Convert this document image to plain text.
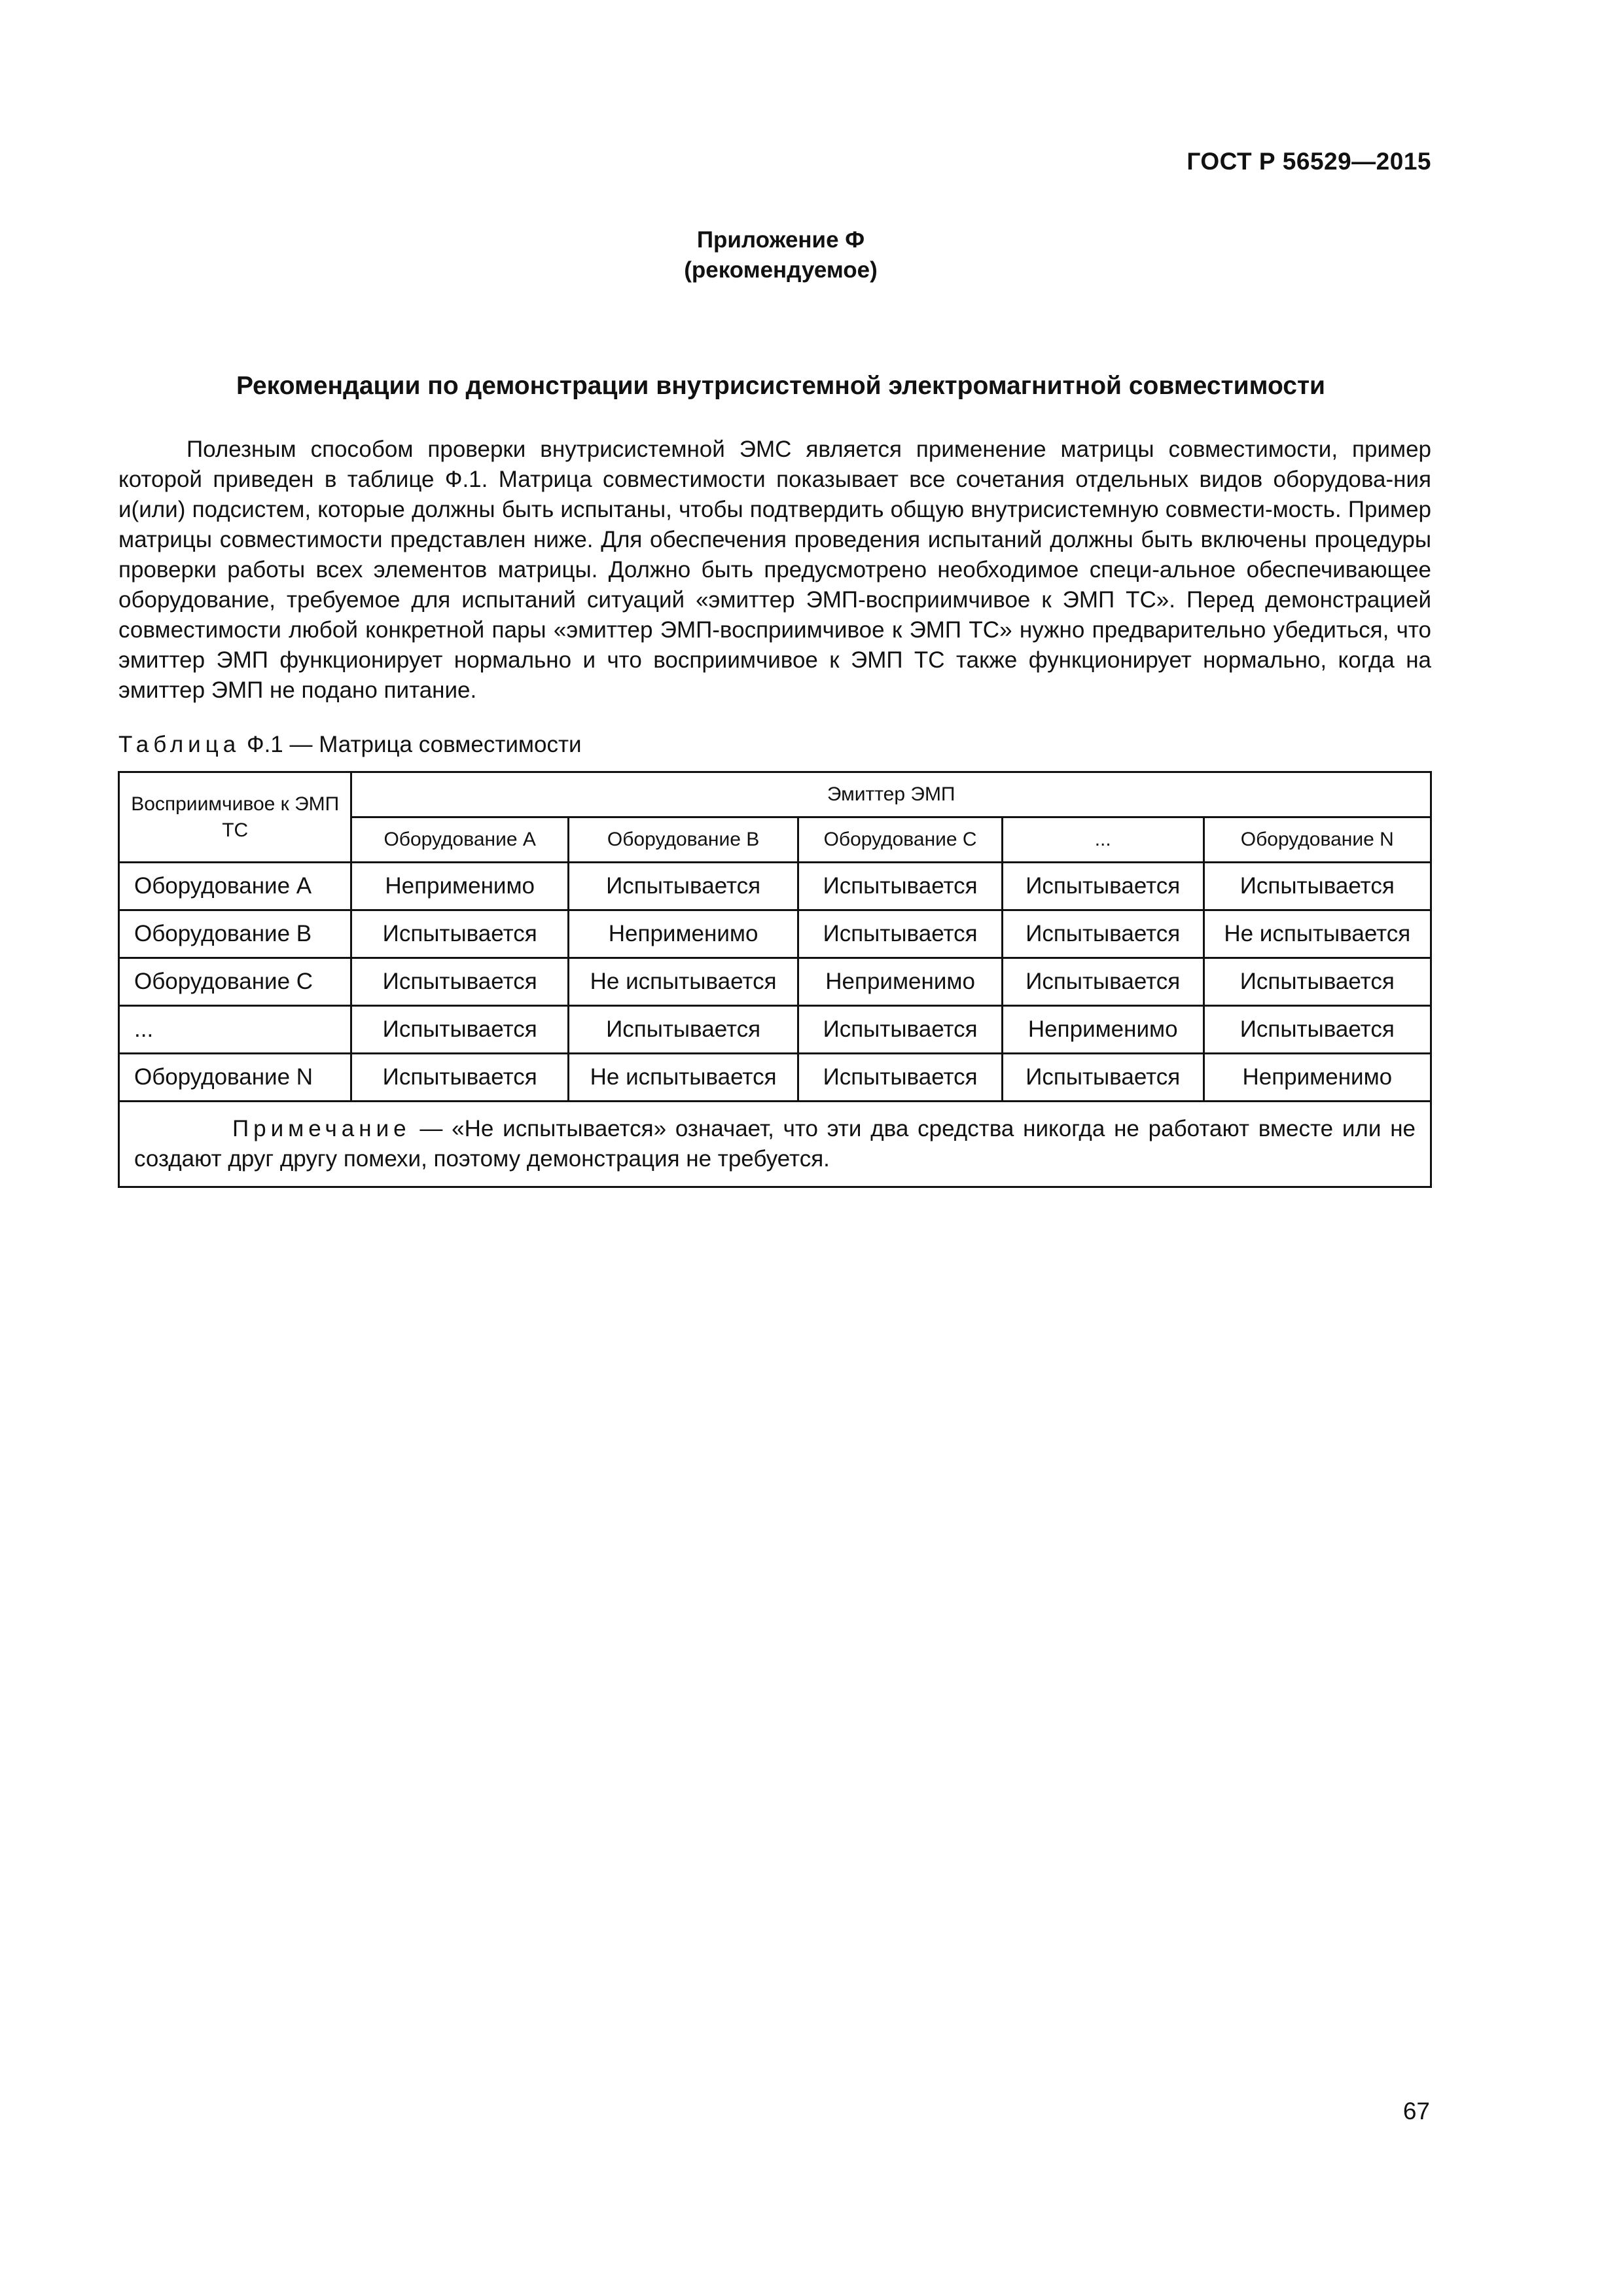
ГОСТ Р 56529—2015
Приложение Ф
(рекомендуемое)
Рекомендации по демонстрации внутрисистемной электромагнитной совместимости
Полезным способом проверки внутрисистемной ЭМС является применение матрицы совместимости, пример которой приведен в таблице Ф.1. Матрица совместимости показывает все сочетания отдельных видов оборудова-ния и(или) подсистем, которые должны быть испытаны, чтобы подтвердить общую внутрисистемную совмести-мость. Пример матрицы совместимости представлен ниже. Для обеспечения проведения испытаний должны быть включены процедуры проверки работы всех элементов матрицы. Должно быть предусмотрено необходимое специ-альное обеспечивающее оборудование, требуемое для испытаний ситуаций «эмиттер ЭМП-восприимчивое к ЭМП ТС». Перед демонстрацией совместимости любой конкретной пары «эмиттер ЭМП-восприимчивое к ЭМП ТС» нужно предварительно убедиться, что эмиттер ЭМП функционирует нормально и что восприимчивое к ЭМП ТС также функционирует нормально, когда на эмиттер ЭМП не подано питание.
Таблица Ф.1 — Матрица совместимости
Восприимчивое к ЭМП ТС	Эмиттер ЭМП				
	Оборудование А	Оборудование В	Оборудование С	...	Оборудование N
Оборудование А	Неприменимо	Испытывается	Испытывается	Испытывается	Испытывается
Оборудование В	Испытывается	Неприменимо	Испытывается	Испытывается	Не испытывается
Оборудование С	Испытывается	Не испытывается	Неприменимо	Испытывается	Испытывается
...	Испытывается	Испытывается	Испытывается	Неприменимо	Испытывается
Оборудование N	Испытывается	Не испытывается	Испытывается	Испытывается	Неприменимо
Примечание — «Не испытывается» означает, что эти два средства никогда не работают вместе или не создают друг другу помехи, поэтому демонстрация не требуется.					
67
